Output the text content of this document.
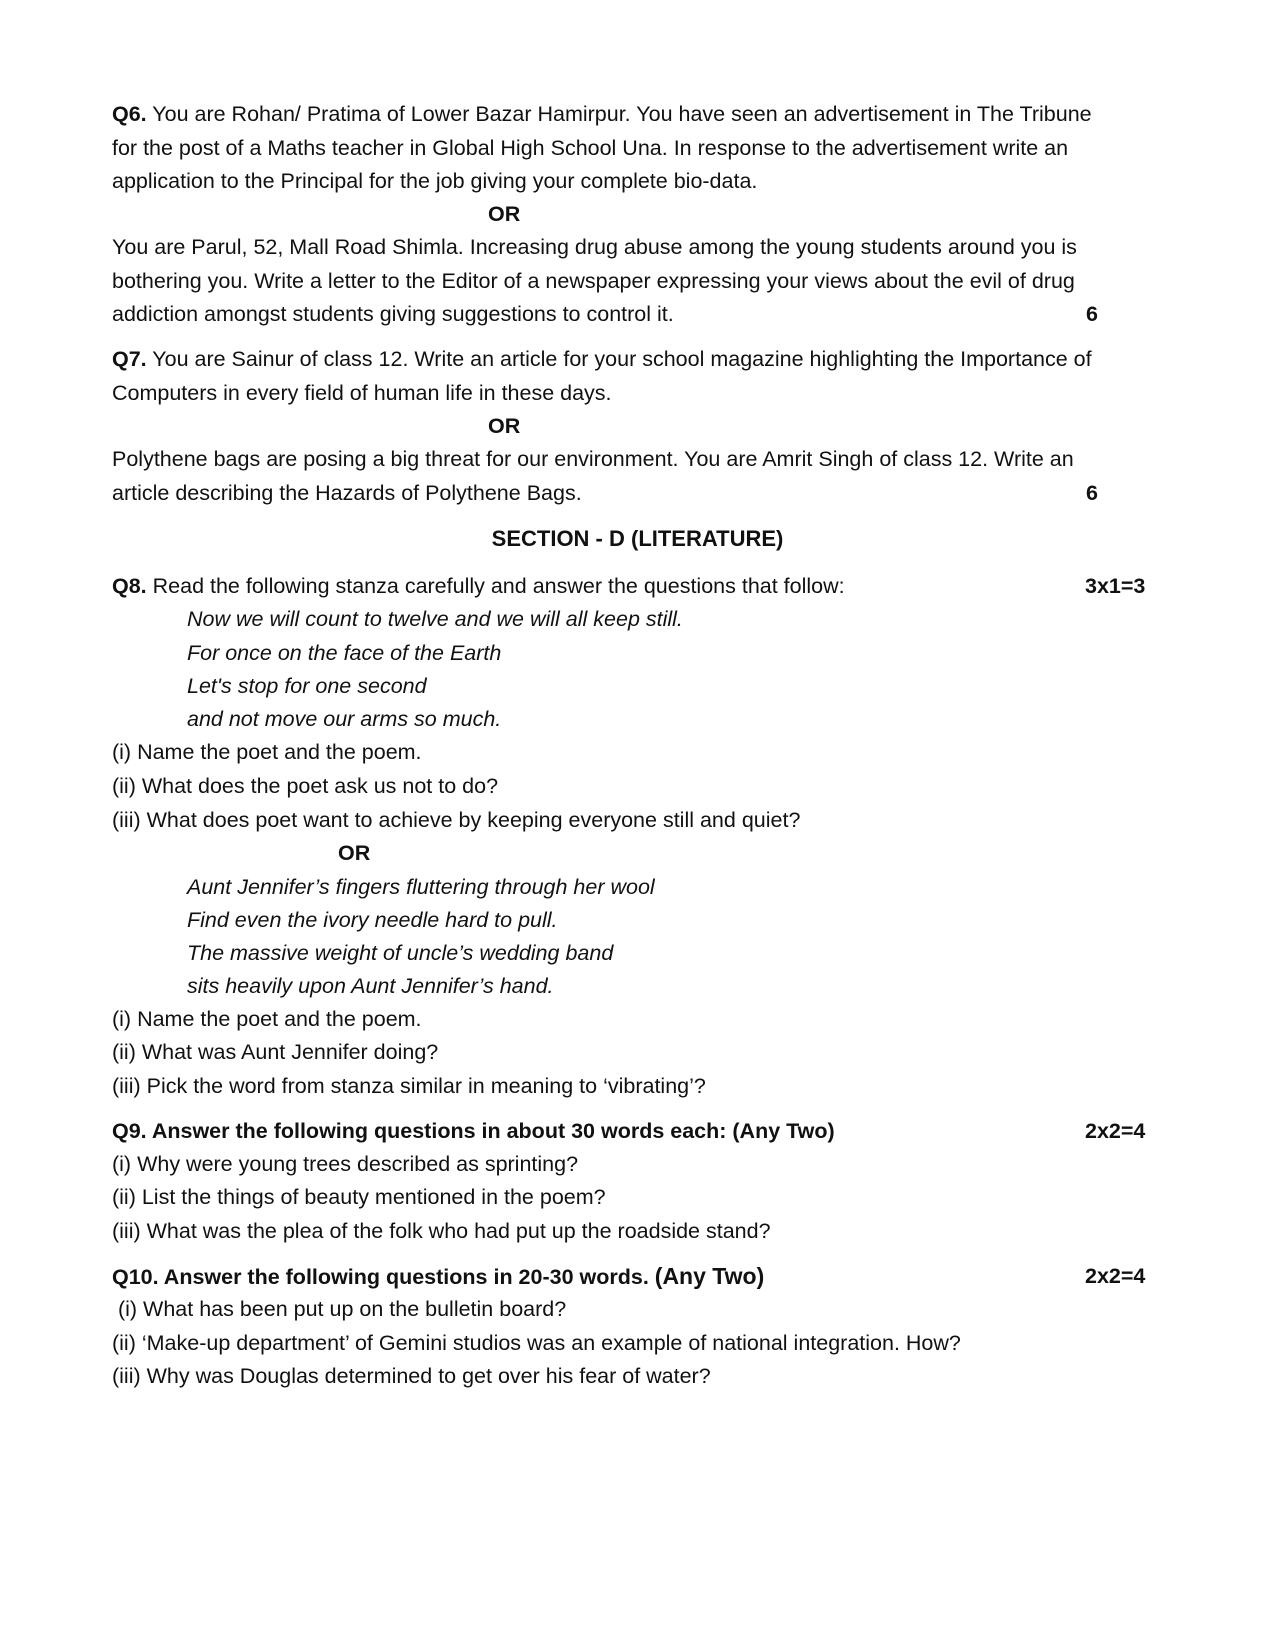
Q6. You are Rohan/ Pratima of Lower Bazar Hamirpur. You have seen an advertisement in The Tribune
for the post of a Maths teacher in Global High School Una. In response to the advertisement write an
application to the Principal for the job giving your complete bio-data.
OR
You are Parul, 52, Mall Road Shimla. Increasing drug abuse among the young students around you is
bothering you. Write a letter to the Editor of a newspaper expressing your views about the evil of drug
addiction amongst students giving suggestions to control it.	6
Q7. You are Sainur of class 12. Write an article for your school magazine highlighting the Importance of
Computers in every field of human life in these days.
OR
Polythene bags are posing a big threat for our environment. You are Amrit Singh of class 12. Write an
article describing the Hazards of Polythene Bags.	6
SECTION - D (LITERATURE)
Q8. Read the following stanza carefully and answer the questions that follow:	3x1=3
Now we will count to twelve and we will all keep still.
For once on the face of the Earth
Let's stop for one second
and not move our arms so much.
(i) Name the poet and the poem.
(ii) What does the poet ask us not to do?
(iii) What does poet want to achieve by keeping everyone still and quiet?
OR
Aunt Jennifer’s fingers fluttering through her wool
Find even the ivory needle hard to pull.
The massive weight of uncle’s wedding band
sits heavily upon Aunt Jennifer’s hand.
(i) Name the poet and the poem.
(ii) What was Aunt Jennifer doing?
(iii) Pick the word from stanza similar in meaning to ‘vibrating’?
Q9. Answer the following questions in about 30 words each: (Any Two)	2x2=4
(i) Why were young trees described as sprinting?
(ii) List the things of beauty mentioned in the poem?
(iii) What was the plea of the folk who had put up the roadside stand?
Q10. Answer the following questions in 20-30 words. (Any Two)	2x2=4
(i) What has been put up on the bulletin board?
(ii) ‘Make-up department’ of Gemini studios was an example of national integration. How?
(iii) Why was Douglas determined to get over his fear of water?
